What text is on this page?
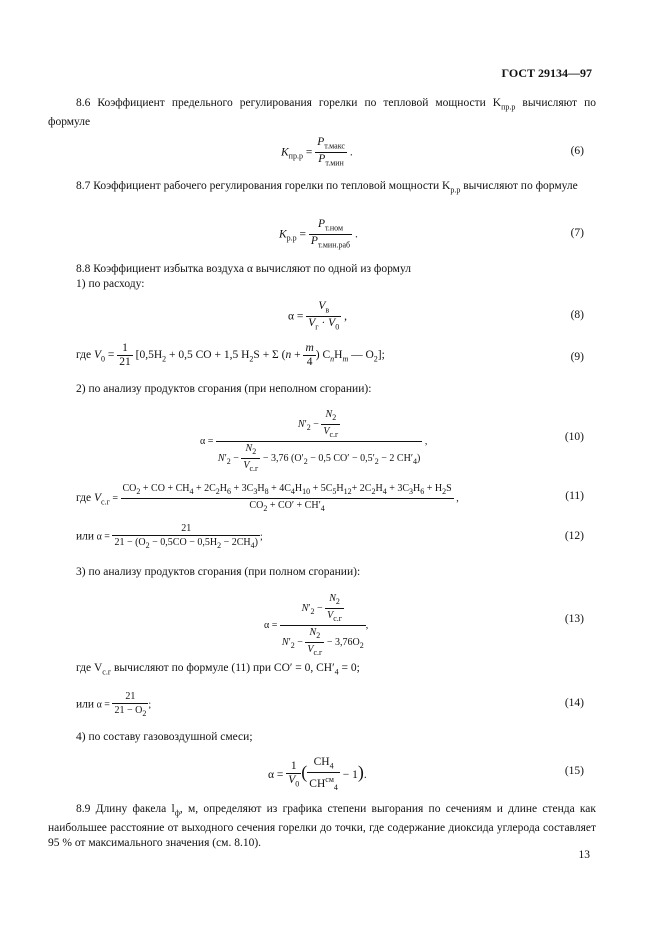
ГОСТ 29134—97
8.6 Коэффициент предельного регулирования горелки по тепловой мощности $K_{пр.р}$ вычисляют по формуле
$K_{пр.р} = \frac{P_{т.макс}}{P_{т.мин}}$ .	(6)
8.7 Коэффициент рабочего регулирования горелки по тепловой мощности $K_{р.р}$ вычисляют по формуле
$K_{р.р} = \frac{P_{т.ном}}{P_{т.мин.раб}}$ .	(7)
8.8 Коэффициент избытка воздуха α вычисляют по одной из формул
1) по расходу:
$\alpha = \frac{V_в}{V_г \cdot V_0}$ ,	(8)
где $V_0 = \frac{1}{21} [0,5H_2 + 0,5$ CO + 1,5 $H_2S + \Sigma$ ($n + \frac{m}{4}$ ) $C_nH_m$ — $O_2$];	(9)
2) по анализу продуктов сгорания (при неполном сгорании):
$\alpha = \frac{N'_2 - \frac{N_2}{V_{с.г}}}{N'_2 - \frac{N_2}{V_{с.г}} - 3,76 (O'_2 - 0,5 CO' - 0,5'_2 - 2 CH'_4)}$ ,	(10)
где $V_{с.г}$ =
$CO_2$ + CO + $CH_4 + 2C_2H_6 + 3C_3H_8 + 4C_4H_{10} + 5C_5H_{12}+ 2C_2H_4 + 3C_3H_6 + H_2S$
$CO_2 + CO' + CH'_4$
,	(11)
или $\alpha = \frac{21}{21 - (O_2 - 0,5CO - 0,5H_2 - 2CH_4)}$ ;	(12)
3) по анализу продуктов сгорания (при полном сгорании):
$\alpha = \frac{N'_2 - \frac{N_2}{V_{с.г}}}{N'_2 - \frac{N_2}{V_{с.г}} - 3,76O_2}$ ,
(13)
где $V_{с.г}$ вычисляют по формуле (11) при CO′ = 0, $CH'_4 = 0$;
или $\alpha = \frac{21}{21 - O_2}$ ;	(14)
4) по составу газовоздушной смеси;
$\alpha = \frac{1}{V_0}$ ( $\frac{CH_4}{CH^{см}_4} - 1$).	(15)
8.9 Длину факела $l_ф$, м, определяют из графика степени выгорания по сечениям и длине стенда как наибольшее расстояние от выходного сечения горелки до точки, где содержание диоксида углерода составляет 95 % от максимального значения (см. 8.10).
13
